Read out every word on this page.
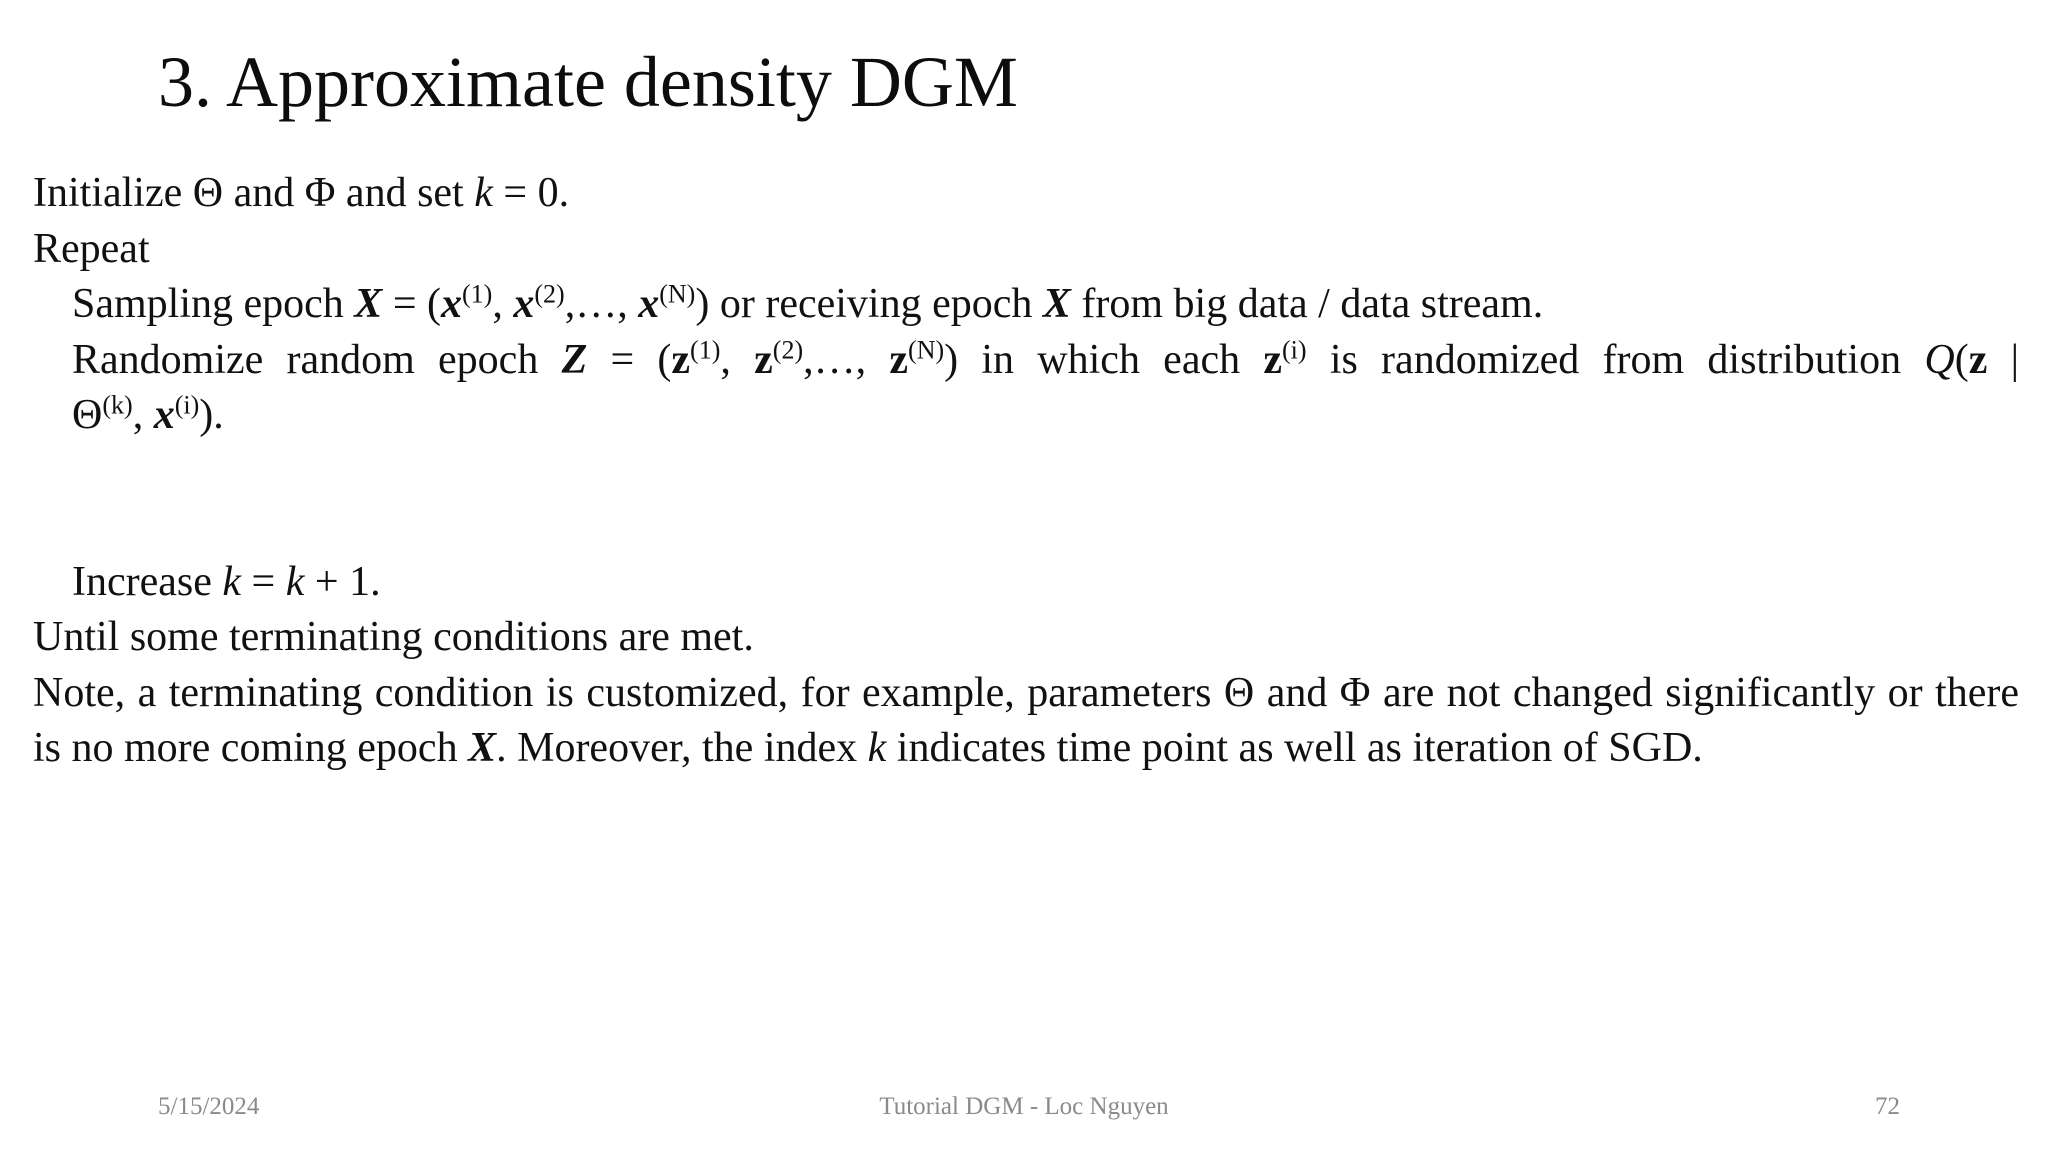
3. Approximate density DGM
Initialize Θ and Φ and set k = 0.
Repeat
Sampling epoch $X = (x^{(1)}$, $x^{(2)},\dots$, $x^{(N)}$) or receiving epoch X from big data / data stream.
Randomize random epoch $Z = (z^{(1)}$, $z^{(2)},\dots$, $z^{(N)}$) in which each $z^{(i)}$ is randomized from distribution Q(z |
$\Theta^{(k)}$, $x^{(i)}$).
Increase k = k + 1.
Until some terminating conditions are met.
Note, a terminating condition is customized, for example, parameters Θ and Φ are not changed significantly or there is no more coming epoch X. Moreover, the index k indicates time point as well as iteration of SGD.
5/15/2024	Tutorial DGM - Loc Nguyen	72
